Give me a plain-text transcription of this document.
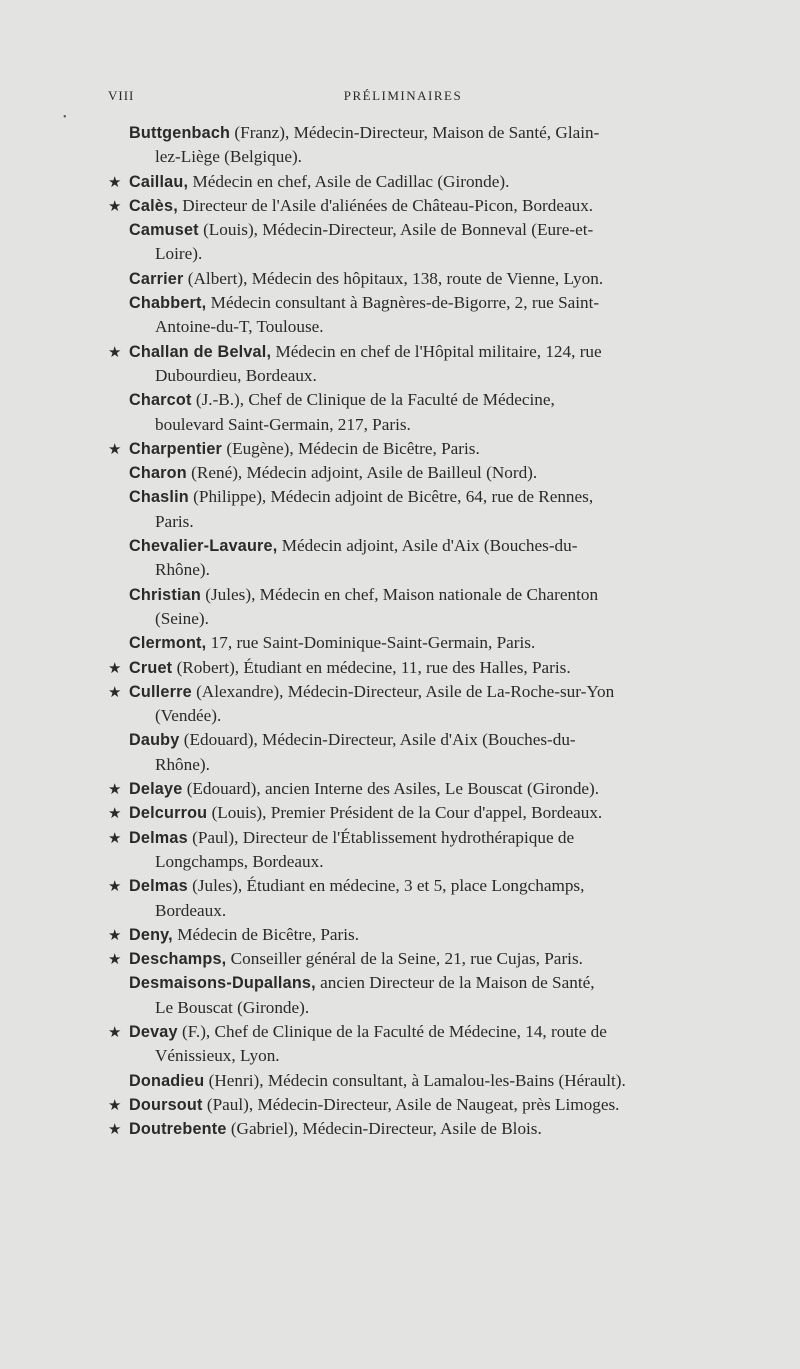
VIII	PRÉLIMINAIRES
•
Buttgenbach (Franz), Médecin-Directeur, Maison de Santé, Glain-
lez-Liège (Belgique).
★ Caillau, Médecin en chef, Asile de Cadillac (Gironde).
★ Calès, Directeur de l'Asile d'aliénées de Château-Picon, Bordeaux.
Camuset (Louis), Médecin-Directeur, Asile de Bonneval (Eure-et-
Loire).
Carrier (Albert), Médecin des hôpitaux, 138, route de Vienne, Lyon.
Chabbert, Médecin consultant à Bagnères-de-Bigorre, 2, rue Saint-
Antoine-du-T, Toulouse.
★ Challan de Belval, Médecin en chef de l'Hôpital militaire, 124, rue
Dubourdieu, Bordeaux.
Charcot (J.-B.), Chef de Clinique de la Faculté de Médecine,
boulevard Saint-Germain, 217, Paris.
★ Charpentier (Eugène), Médecin de Bicêtre, Paris.
Charon (René), Médecin adjoint, Asile de Bailleul (Nord).
Chaslin (Philippe), Médecin adjoint de Bicêtre, 64, rue de Rennes,
Paris.
Chevalier-Lavaure, Médecin adjoint, Asile d'Aix (Bouches-du-
Rhône).
Christian (Jules), Médecin en chef, Maison nationale de Charenton
(Seine).
Clermont, 17, rue Saint-Dominique-Saint-Germain, Paris.
★ Cruet (Robert), Étudiant en médecine, 11, rue des Halles, Paris.
★ Cullerre (Alexandre), Médecin-Directeur, Asile de La-Roche-sur-Yon
(Vendée).
Dauby (Edouard), Médecin-Directeur, Asile d'Aix (Bouches-du-
Rhône).
★ Delaye (Edouard), ancien Interne des Asiles, Le Bouscat (Gironde).
★ Delcurrou (Louis), Premier Président de la Cour d'appel, Bordeaux.
★ Delmas (Paul), Directeur de l'Établissement hydrothérapique de
Longchamps, Bordeaux.
★ Delmas (Jules), Étudiant en médecine, 3 et 5, place Longchamps,
Bordeaux.
★ Deny, Médecin de Bicêtre, Paris.
★ Deschamps, Conseiller général de la Seine, 21, rue Cujas, Paris.
Desmaisons-Dupallans, ancien Directeur de la Maison de Santé,
Le Bouscat (Gironde).
★ Devay (F.), Chef de Clinique de la Faculté de Médecine, 14, route de
Vénissieux, Lyon.
Donadieu (Henri), Médecin consultant, à Lamalou-les-Bains (Hérault).
★ Doursout (Paul), Médecin-Directeur, Asile de Naugeat, près Limoges.
★ Doutrebente (Gabriel), Médecin-Directeur, Asile de Blois.
